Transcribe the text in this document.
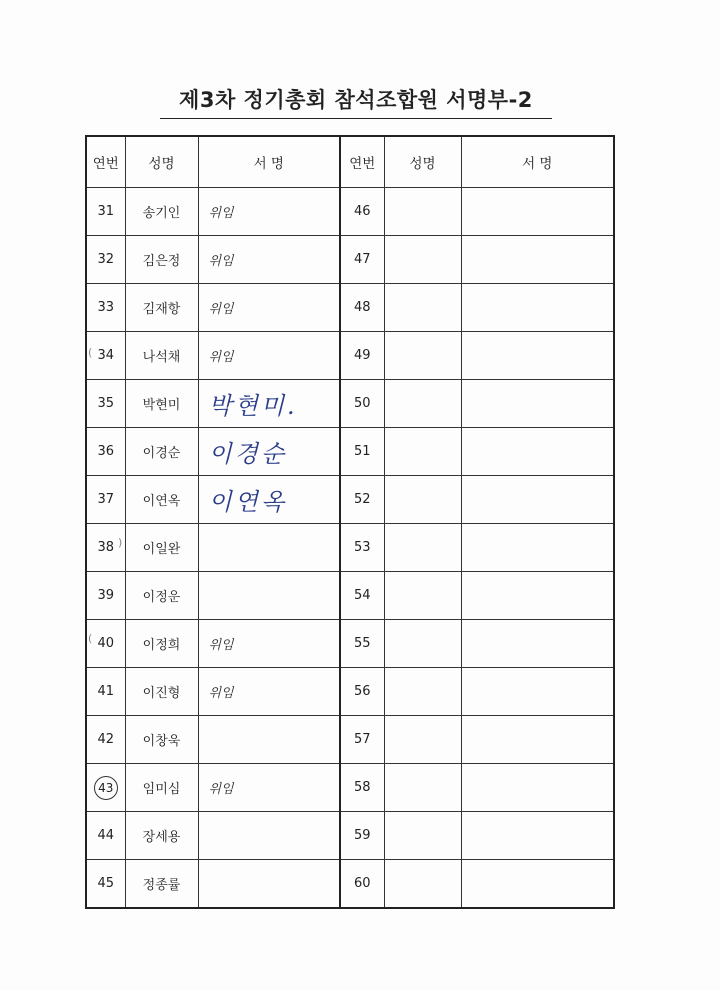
제3차 정기총회 참석조합원 서명부-2
연번	성명	서 명	연번	성명	서 명
31	송기인	위임	46		
32	김은정	위임	47		
33	김재항	위임	48		
34	나석채	위임	49		
35	박현미	박현미.	50		
36	이경순	이경순	51		
37	이연옥	이연옥	52		
38	이일완		53		
39	이정운		54		
40	이정희	위임	55		
41	이진형	위임	56		
42	이창욱		57		
43	임미심	위임	58		
44	장세용		59		
45	정종률		60		
(
)
(
